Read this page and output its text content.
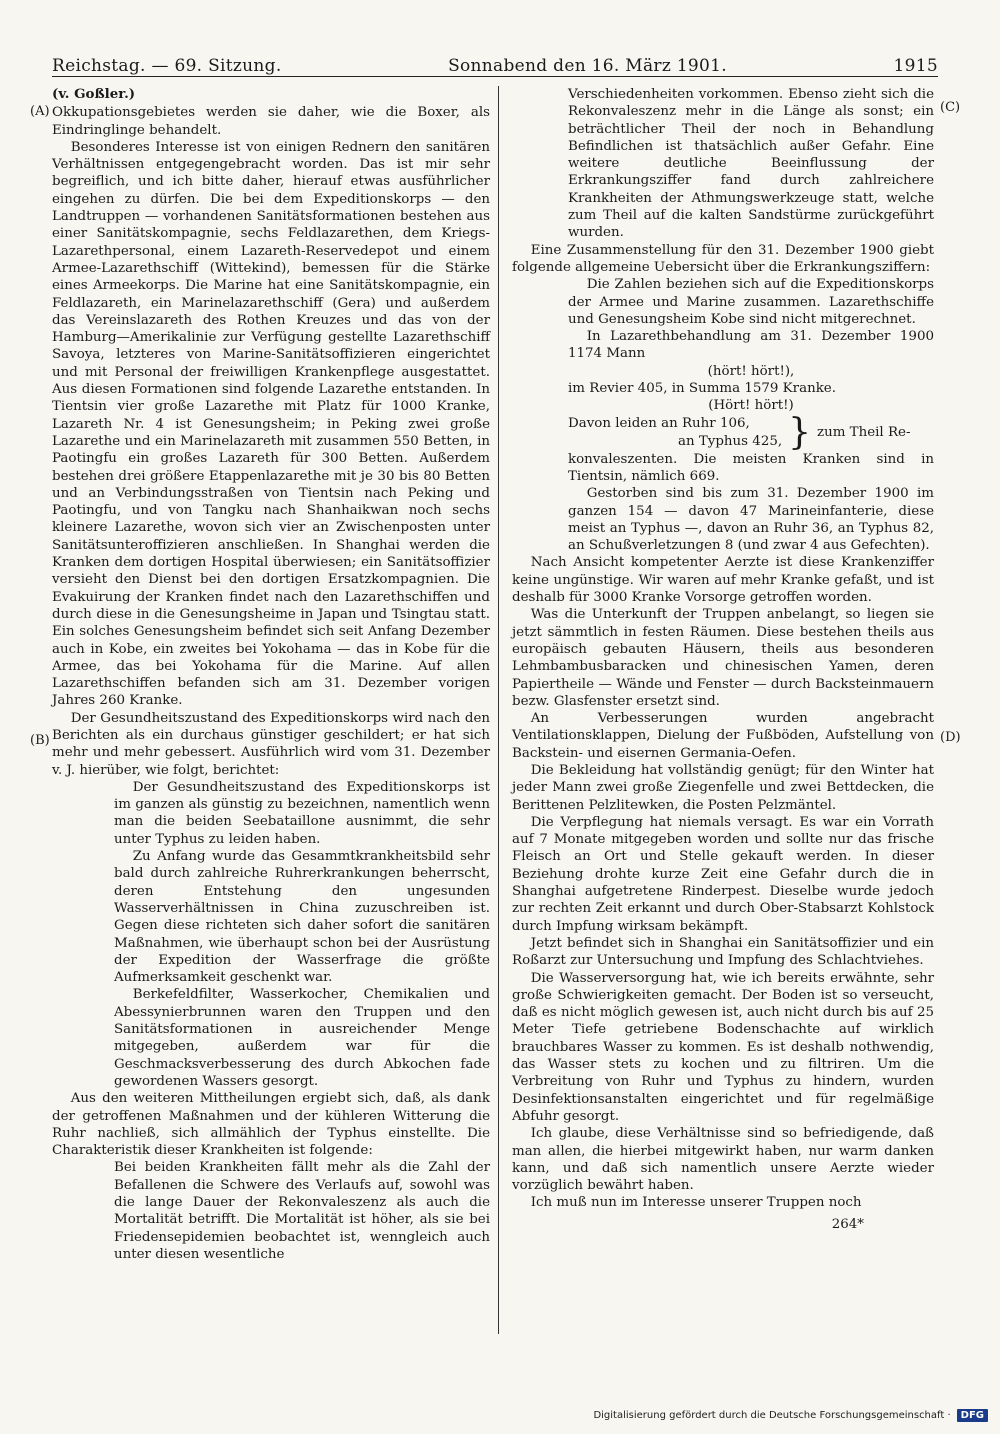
Reichstag. — 69. Sitzung.	Sonnabend den 16. März 1901.	1915
(A)
(B)
(C)
(D)

(v. Goßler.)

Okkupationsgebietes werden sie daher, wie die Boxer, als Eindringlinge behandelt.

Besonderes Interesse ist von einigen Rednern den sanitären Verhältnissen entgegengebracht worden. Das ist mir sehr begreiflich, und ich bitte daher, hierauf etwas ausführlicher eingehen zu dürfen. Die bei dem Expeditionskorps — den Landtruppen — vorhandenen Sanitätsformationen bestehen aus einer Sanitätskompagnie, sechs Feldlazarethen, dem Kriegs-Lazarethpersonal, einem Lazareth-Reservedepot und einem Armee-Lazarethschiff (Wittekind), bemessen für die Stärke eines Armeekorps. Die Marine hat eine Sanitätskompagnie, ein Feldlazareth, ein Marinelazarethschiff (Gera) und außerdem das Vereinslazareth des Rothen Kreuzes und das von der Hamburg—Amerikalinie zur Verfügung gestellte Lazarethschiff Savoya, letzteres von Marine-Sanitätsoffizieren eingerichtet und mit Personal der freiwilligen Krankenpflege ausgestattet. Aus diesen Formationen sind folgende Lazarethe entstanden. In Tientsin vier große Lazarethe mit Platz für 1000 Kranke, Lazareth Nr. 4 ist Genesungsheim; in Peking zwei große Lazarethe und ein Marinelazareth mit zusammen 550 Betten, in Paotingfu ein großes Lazareth für 300 Betten. Außerdem bestehen drei größere Etappenlazarethe mit je 30 bis 80 Betten und an Verbindungsstraßen von Tientsin nach Peking und Paotingfu, und von Tangku nach Shanhaikwan noch sechs kleinere Lazarethe, wovon sich vier an Zwischenposten unter Sanitätsunteroffizieren anschließen. In Shanghai werden die Kranken dem dortigen Hospital überwiesen; ein Sanitätsoffizier versieht den Dienst bei den dortigen Ersatzkompagnien. Die Evakuirung der Kranken findet nach den Lazarethschiffen und durch diese in die Genesungsheime in Japan und Tsingtau statt. Ein solches Genesungsheim befindet sich seit Anfang Dezember auch in Kobe, ein zweites bei Yokohama — das in Kobe für die Armee, das bei Yokohama für die Marine. Auf allen Lazarethschiffen befanden sich am 31. Dezember vorigen Jahres 260 Kranke.

Der Gesundheitszustand des Expeditionskorps wird nach den Berichten als ein durchaus günstiger geschildert; er hat sich mehr und mehr gebessert. Ausführlich wird vom 31. Dezember v. J. hierüber, wie folgt, berichtet:

Der Gesundheitszustand des Expeditionskorps ist im ganzen als günstig zu bezeichnen, namentlich wenn man die beiden Seebataillone ausnimmt, die sehr unter Typhus zu leiden haben.

Zu Anfang wurde das Gesammtkrankheitsbild sehr bald durch zahlreiche Ruhrerkrankungen beherrscht, deren Entstehung den ungesunden Wasserverhältnissen in China zuzuschreiben ist. Gegen diese richteten sich daher sofort die sanitären Maßnahmen, wie überhaupt schon bei der Ausrüstung der Expedition der Wasserfrage die größte Aufmerksamkeit geschenkt war.

Berkefeldfilter, Wasserkocher, Chemikalien und Abessynierbrunnen waren den Truppen und den Sanitätsformationen in ausreichender Menge mitgegeben, außerdem war für die Geschmacksverbesserung des durch Abkochen fade gewordenen Wassers gesorgt.

Aus den weiteren Mittheilungen ergiebt sich, daß, als dank der getroffenen Maßnahmen und der kühleren Witterung die Ruhr nachließ, sich allmählich der Typhus einstellte. Die Charakteristik dieser Krankheiten ist folgende:

Bei beiden Krankheiten fällt mehr als die Zahl der Befallenen die Schwere des Verlaufs auf, sowohl was die lange Dauer der Rekonvaleszenz als auch die Mortalität betrifft. Die Mortalität ist höher, als sie bei Friedensepidemien beobachtet ist, wenngleich auch unter diesen wesentliche

Verschiedenheiten vorkommen. Ebenso zieht sich die Rekonvaleszenz mehr in die Länge als sonst; ein beträchtlicher Theil der noch in Behandlung Befindlichen ist thatsächlich außer Gefahr. Eine weitere deutliche Beeinflussung der Erkrankungsziffer fand durch zahlreichere Krankheiten der Athmungswerkzeuge statt, welche zum Theil auf die kalten Sandstürme zurückgeführt wurden.

Eine Zusammenstellung für den 31. Dezember 1900 giebt folgende allgemeine Uebersicht über die Erkrankungsziffern:

Die Zahlen beziehen sich auf die Expeditionskorps der Armee und Marine zusammen. Lazarethschiffe und Genesungsheim Kobe sind nicht mitgerechnet.

In Lazarethbehandlung am 31. Dezember 1900 1174 Mann

(hört! hört!),

im Revier 405, in Summa 1579 Kranke.

(Hört! hört!)

Davon leiden an Ruhr 106,
an Typhus 425, } zum Theil Re-

konvaleszenten. Die meisten Kranken sind in Tientsin, nämlich 669.

Gestorben sind bis zum 31. Dezember 1900 im ganzen 154 — davon 47 Marineinfanterie, diese meist an Typhus —, davon an Ruhr 36, an Typhus 82, an Schußverletzungen 8 (und zwar 4 aus Gefechten).

Nach Ansicht kompetenter Aerzte ist diese Krankenziffer keine ungünstige. Wir waren auf mehr Kranke gefaßt, und ist deshalb für 3000 Kranke Vorsorge getroffen worden.

Was die Unterkunft der Truppen anbelangt, so liegen sie jetzt sämmtlich in festen Räumen. Diese bestehen theils aus europäisch gebauten Häusern, theils aus besonderen Lehmbambusbaracken und chinesischen Yamen, deren Papiertheile — Wände und Fenster — durch Backsteinmauern bezw. Glasfenster ersetzt sind.

An Verbesserungen wurden angebracht Ventilationsklappen, Dielung der Fußböden, Aufstellung von Backstein- und eisernen Germania-Oefen.

Die Bekleidung hat vollständig genügt; für den Winter hat jeder Mann zwei große Ziegenfelle und zwei Bettdecken, die Berittenen Pelzlitewken, die Posten Pelzmäntel.

Die Verpflegung hat niemals versagt. Es war ein Vorrath auf 7 Monate mitgegeben worden und sollte nur das frische Fleisch an Ort und Stelle gekauft werden. In dieser Beziehung drohte kurze Zeit eine Gefahr durch die in Shanghai aufgetretene Rinderpest. Dieselbe wurde jedoch zur rechten Zeit erkannt und durch Ober-Stabsarzt Kohlstock durch Impfung wirksam bekämpft.

Jetzt befindet sich in Shanghai ein Sanitätsoffizier und ein Roßarzt zur Untersuchung und Impfung des Schlachtviehes.

Die Wasserversorgung hat, wie ich bereits erwähnte, sehr große Schwierigkeiten gemacht. Der Boden ist so verseucht, daß es nicht möglich gewesen ist, auch nicht durch bis auf 25 Meter Tiefe getriebene Bodenschachte auf wirklich brauchbares Wasser zu kommen. Es ist deshalb nothwendig, das Wasser stets zu kochen und zu filtriren. Um die Verbreitung von Ruhr und Typhus zu hindern, wurden Desinfektionsanstalten eingerichtet und für regelmäßige Abfuhr gesorgt.

Ich glaube, diese Verhältnisse sind so befriedigende, daß man allen, die hierbei mitgewirkt haben, nur warm danken kann, und daß sich namentlich unsere Aerzte wieder vorzüglich bewährt haben.

Ich muß nun im Interesse unserer Truppen noch

264*

Digitalisierung gefördert durch die Deutsche Forschungsgemeinschaft ·	DFG
